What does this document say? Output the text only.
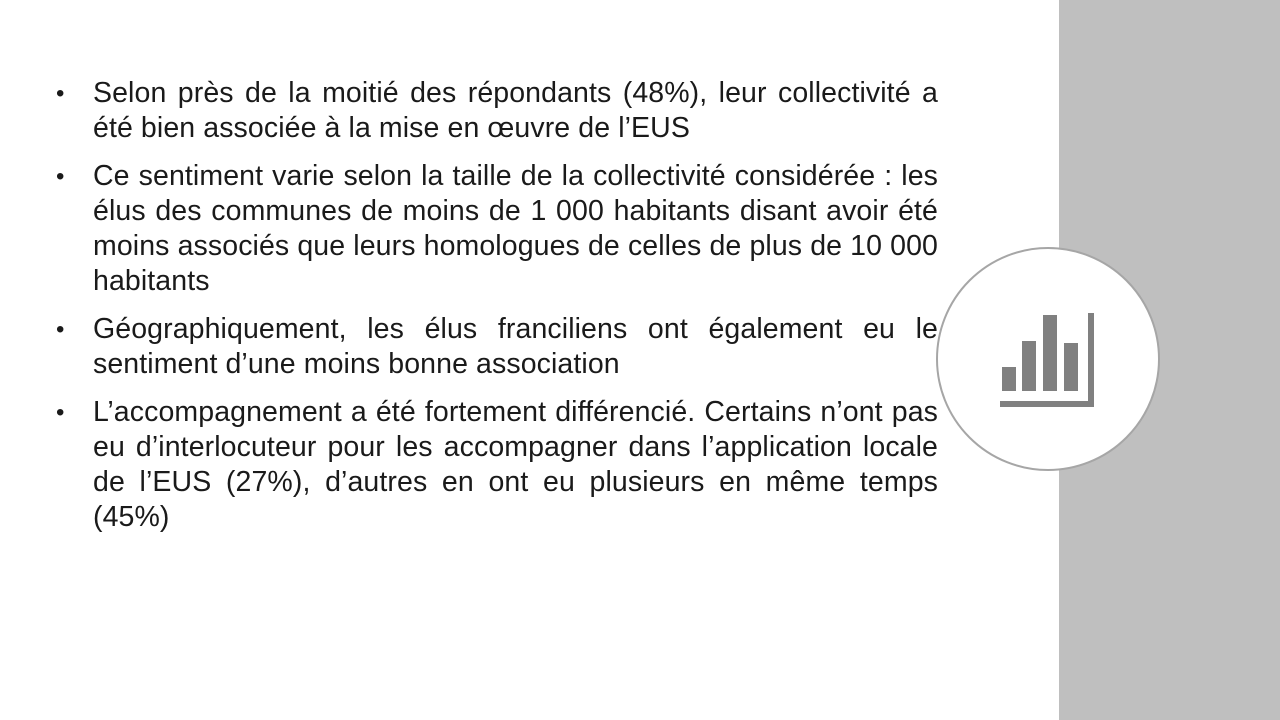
• Selon près de la moitié des répondants (48%), leur collectivité a été bien associée à la mise en œuvre de l’EUS
• Ce sentiment varie selon la taille de la collectivité considérée : les élus des communes de moins de 1 000 habitants disant avoir été moins associés que leurs homologues de celles de plus de 10 000 habitants
• Géographiquement, les élus franciliens ont également eu le sentiment d’une moins bonne association
• L’accompagnement a été fortement différencié. Certains n’ont pas eu d’interlocuteur pour les accompagner dans l’application locale de l’EUS (27%), d’autres en ont eu plusieurs en même temps (45%)
